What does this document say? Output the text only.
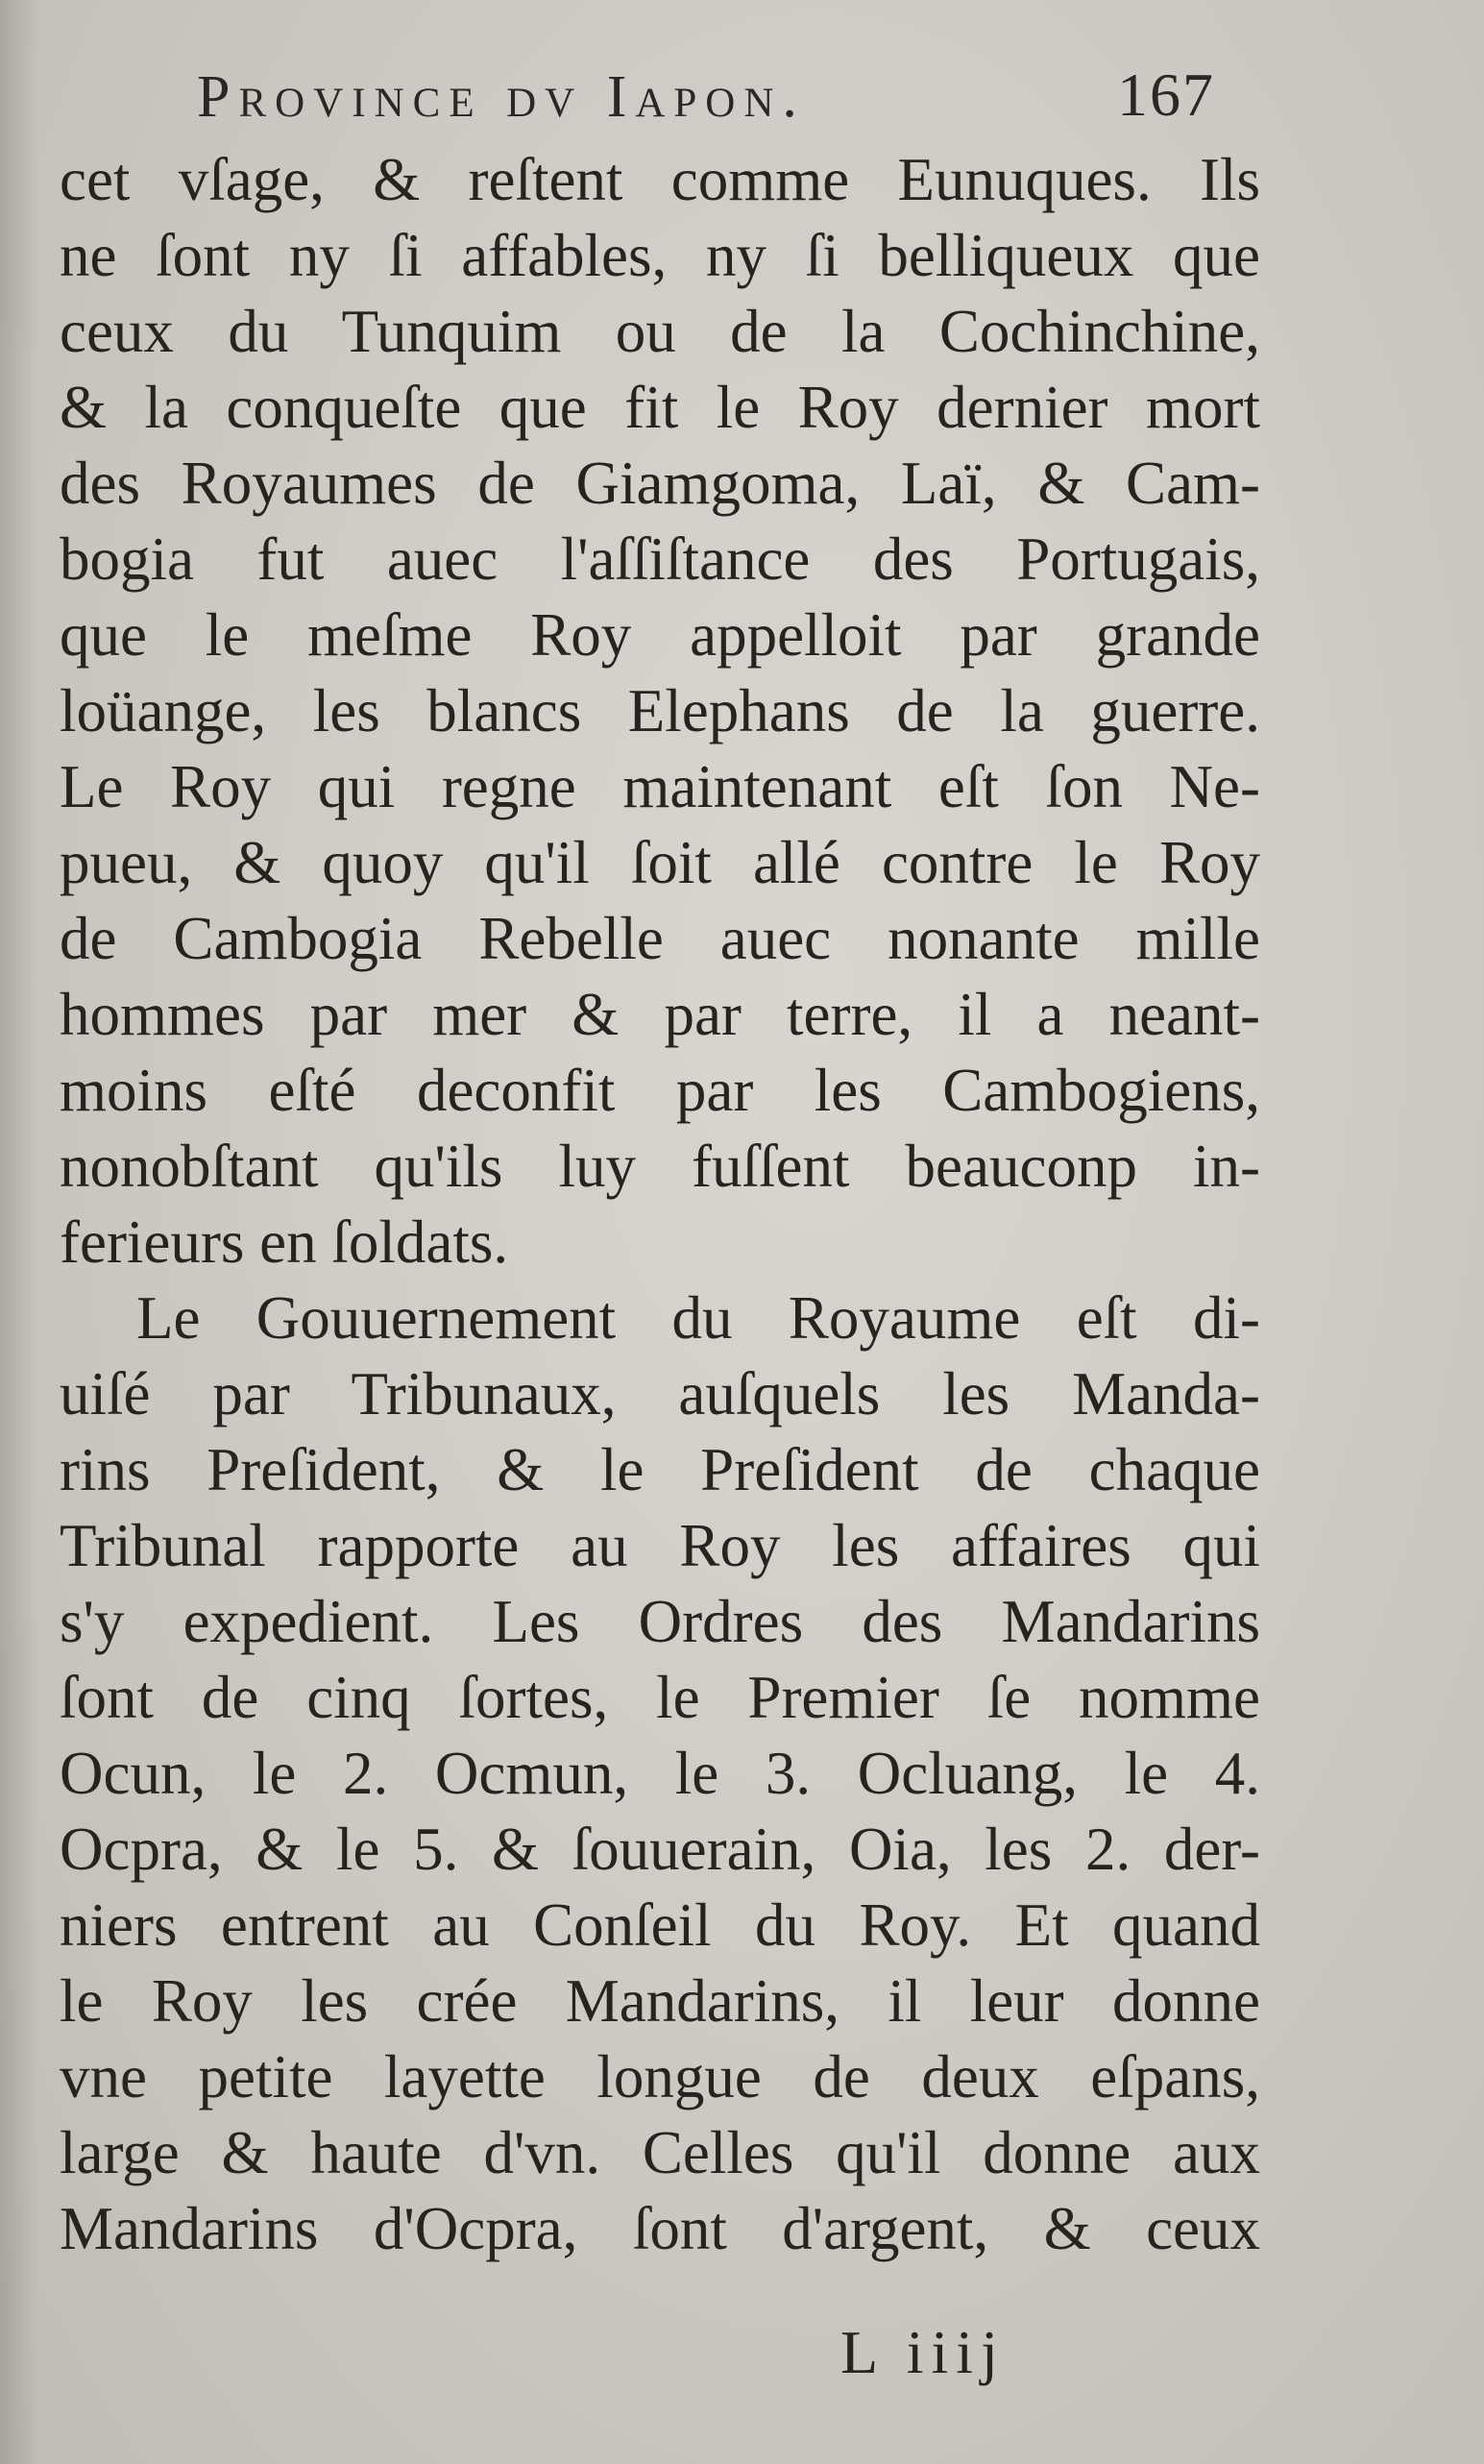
Province dv Iapon.	167
cet vſage, & reſtent comme Eunuques. Ils
ne ſont ny ſi affables, ny ſi belliqueux que
ceux du Tunquim ou de la Cochinchine,
& la conqueſte que fit le Roy dernier mort
des Royaumes de Giamgoma, Laï, & Cam-
bogia fut auec l'aſſiſtance des Portugais,
que le meſme Roy appelloit par grande
loüange, les blancs Elephans de la guerre.
Le Roy qui regne maintenant eſt ſon Ne-
pueu, & quoy qu'il ſoit allé contre le Roy
de Cambogia Rebelle auec nonante mille
hommes par mer & par terre, il a neant-
moins eſté deconfit par les Cambogiens,
nonobſtant qu'ils luy fuſſent beauconp in-
ferieurs en ſoldats.
Le Gouuernement du Royaume eſt di-
uiſé par Tribunaux, auſquels les Manda-
rins Preſident, & le Preſident de chaque
Tribunal rapporte au Roy les affaires qui
s'y expedient. Les Ordres des Mandarins
ſont de cinq ſortes, le Premier ſe nomme
Ocun, le 2. Ocmun, le 3. Ocluang, le 4.
Ocpra, & le 5. & ſouuerain, Oia, les 2. der-
niers entrent au Conſeil du Roy. Et quand
le Roy les crée Mandarins, il leur donne
vne petite layette longue de deux eſpans,
large & haute d'vn. Celles qu'il donne aux
Mandarins d'Ocpra, ſont d'argent, & ceux
L iiij
